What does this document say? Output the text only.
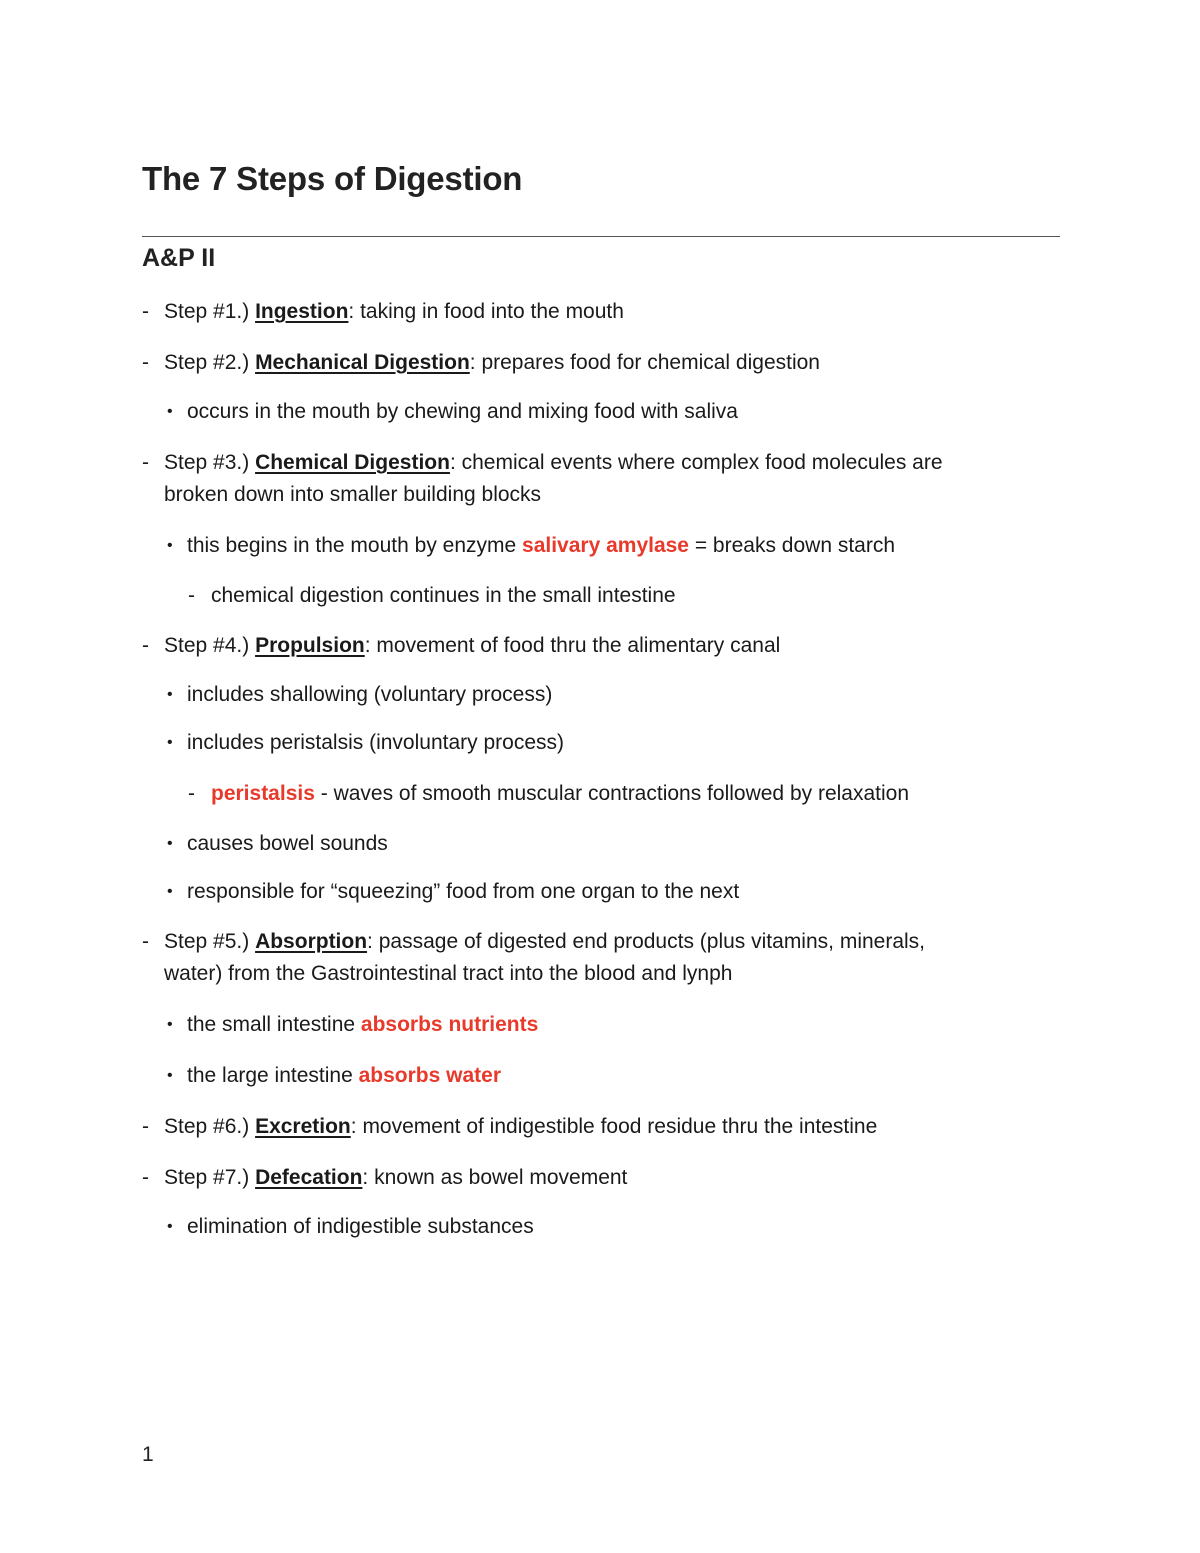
The 7 Steps of Digestion
A&P II
- Step #1.) Ingestion: taking in food into the mouth
- Step #2.) Mechanical Digestion: prepares food for chemical digestion
• occurs in the mouth by chewing and mixing food with saliva
- Step #3.) Chemical Digestion: chemical events where complex food molecules are
broken down into smaller building blocks
• this begins in the mouth by enzyme salivary amylase = breaks down starch
- chemical digestion continues in the small intestine
- Step #4.) Propulsion: movement of food thru the alimentary canal
• includes shallowing (voluntary process)
• includes peristalsis (involuntary process)
- peristalsis - waves of smooth muscular contractions followed by relaxation
• causes bowel sounds
• responsible for “squeezing” food from one organ to the next
- Step #5.) Absorption: passage of digested end products (plus vitamins, minerals,
water) from the Gastrointestinal tract into the blood and lynph
• the small intestine absorbs nutrients
• the large intestine absorbs water
- Step #6.) Excretion: movement of indigestible food residue thru the intestine
- Step #7.) Defecation: known as bowel movement
• elimination of indigestible substances
1
